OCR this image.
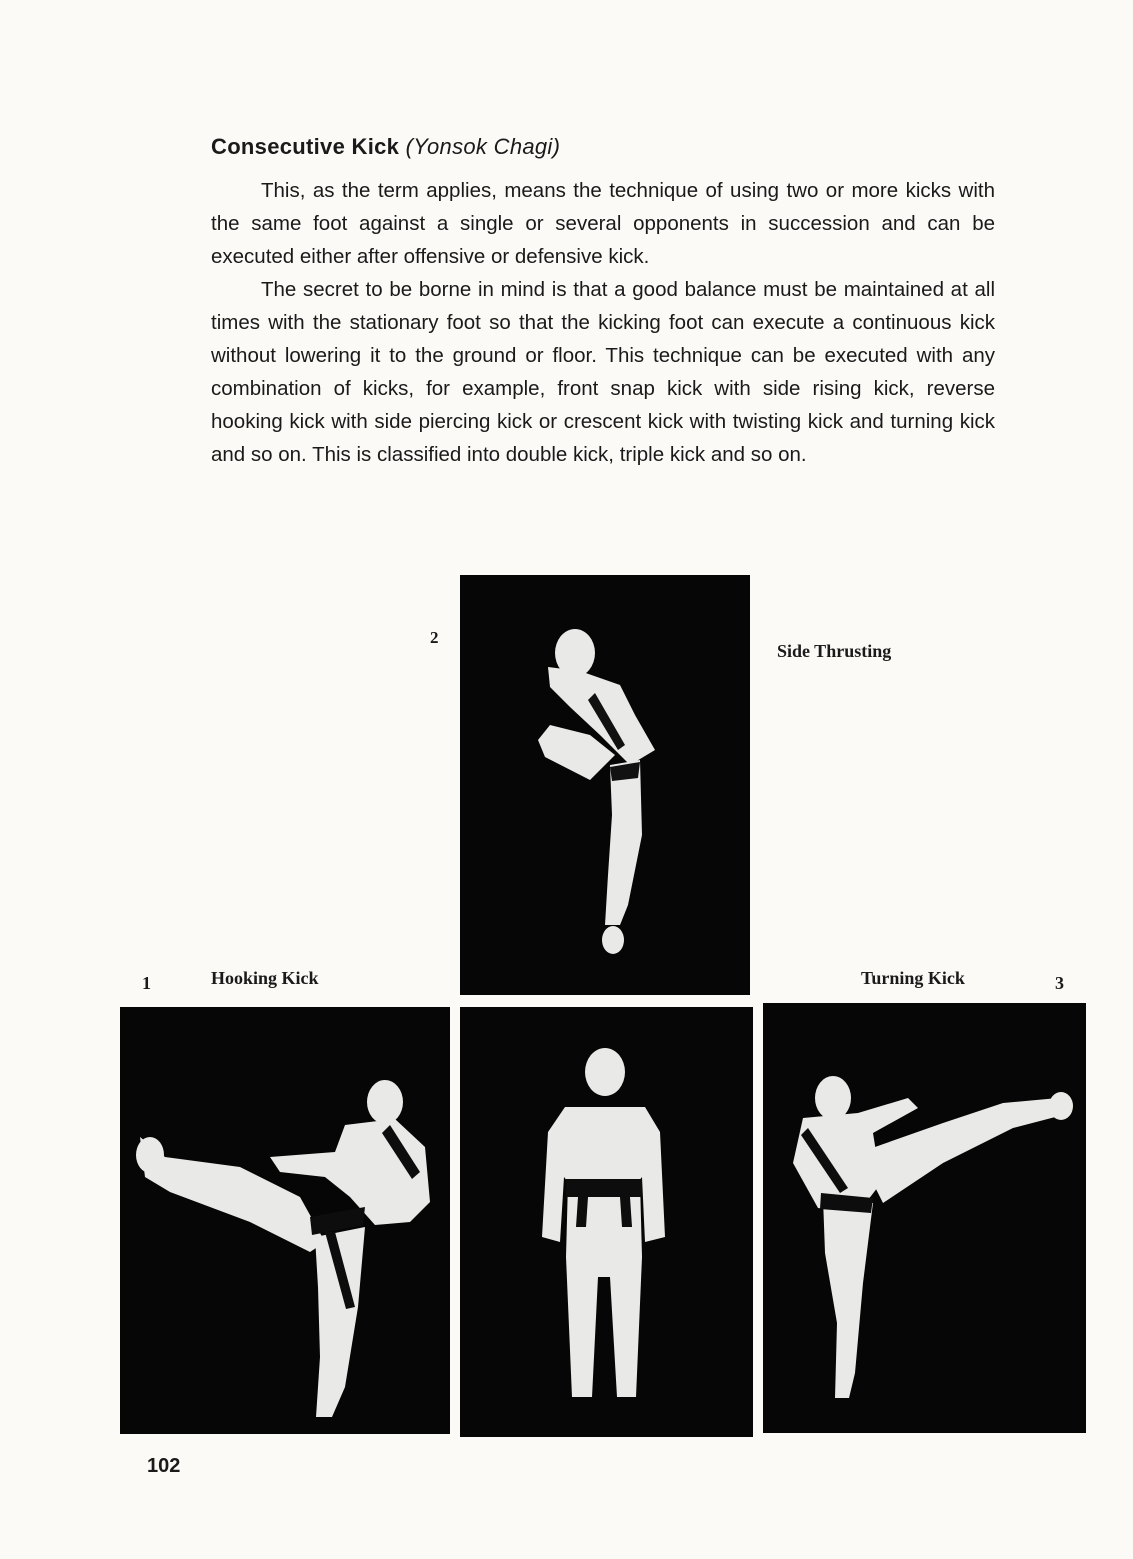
Consecutive Kick (Yonsok Chagi)

This, as the term applies, means the technique of using two or more kicks with the same foot against a single or several opponents in succession and can be executed either after offensive or defensive kick.

The secret to be borne in mind is that a good balance must be maintained at all times with the stationary foot so that the kicking foot can execute a continuous kick without lowering it to the ground or floor. This technique can be executed with any combination of kicks, for example, front snap kick with side rising kick, reverse hooking kick with side piercing kick or crescent kick with twisting kick and turning kick and so on. This is classified into double kick, triple kick and so on.

2
Side Thrusting
1	Hooking Kick	Turning Kick	3
102
